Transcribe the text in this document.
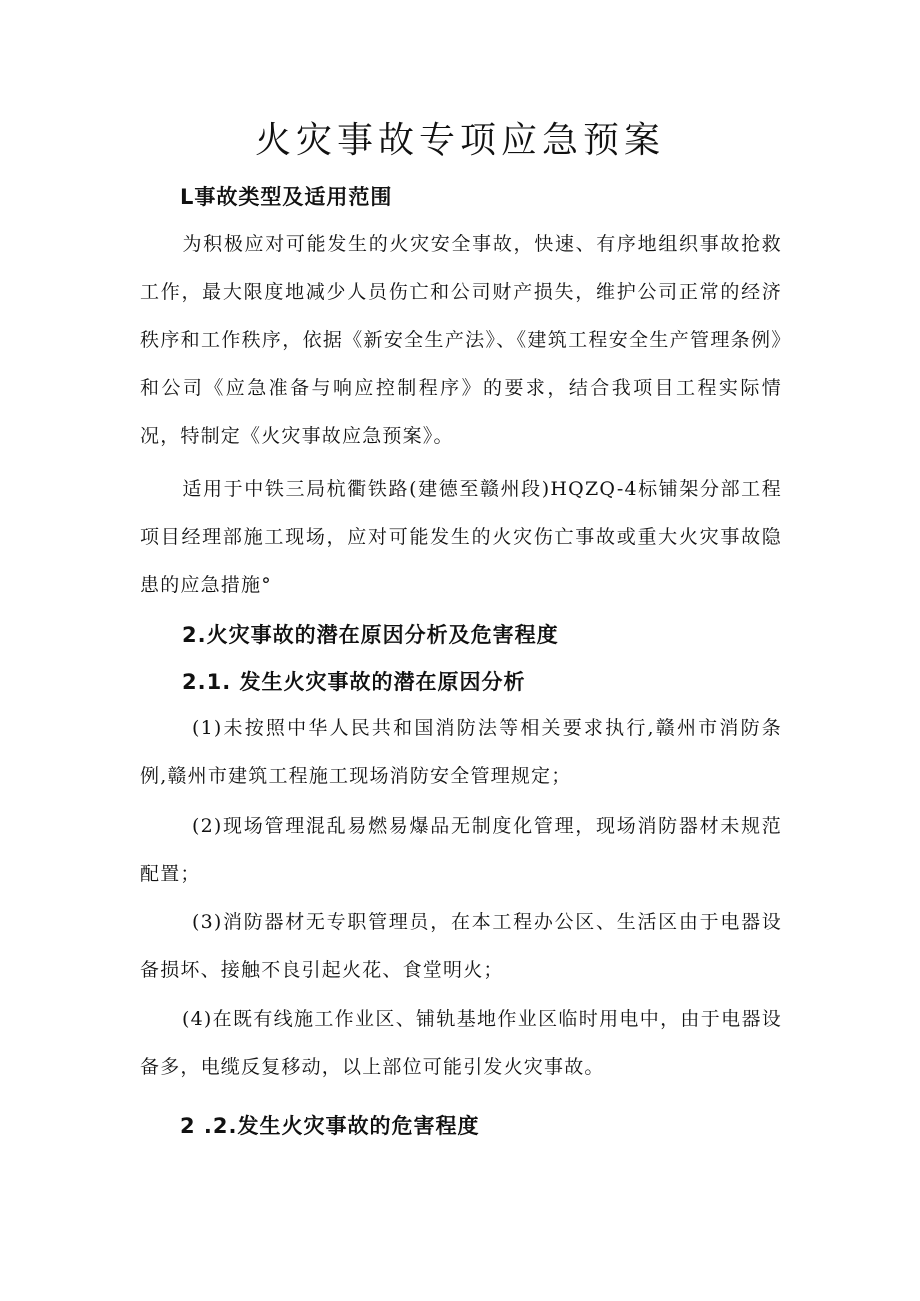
火灾事故专项应急预案
L事故类型及适用范围

为积极应对可能发生的火灾安全事故，快速、有序地组织事故抢救工作，最大限度地减少人员伤亡和公司财产损失，维护公司正常的经济秩序和工作秩序，依据《新安全生产法》、《建筑工程安全生产管理条例》和公司《应急准备与响应控制程序》的要求，结合我项目工程实际情况，特制定《火灾事故应急预案》。

适用于中铁三局杭衢铁路(建德至赣州段)HQZQ-4标铺架分部工程项目经理部施工现场，应对可能发生的火灾伤亡事故或重大火灾事故隐患的应急措施°

2.火灾事故的潜在原因分析及危害程度
2.1. 发生火灾事故的潜在原因分析

(1)未按照中华人民共和国消防法等相关要求执行,赣州市消防条例,赣州市建筑工程施工现场消防安全管理规定；

(2)现场管理混乱易燃易爆品无制度化管理，现场消防器材未规范配置；

(3)消防器材无专职管理员，在本工程办公区、生活区由于电器设备损坏、接触不良引起火花、食堂明火；

(4)在既有线施工作业区、铺轨基地作业区临时用电中，由于电器设备多，电缆反复移动，以上部位可能引发火灾事故。

2 .2.发生火灾事故的危害程度
